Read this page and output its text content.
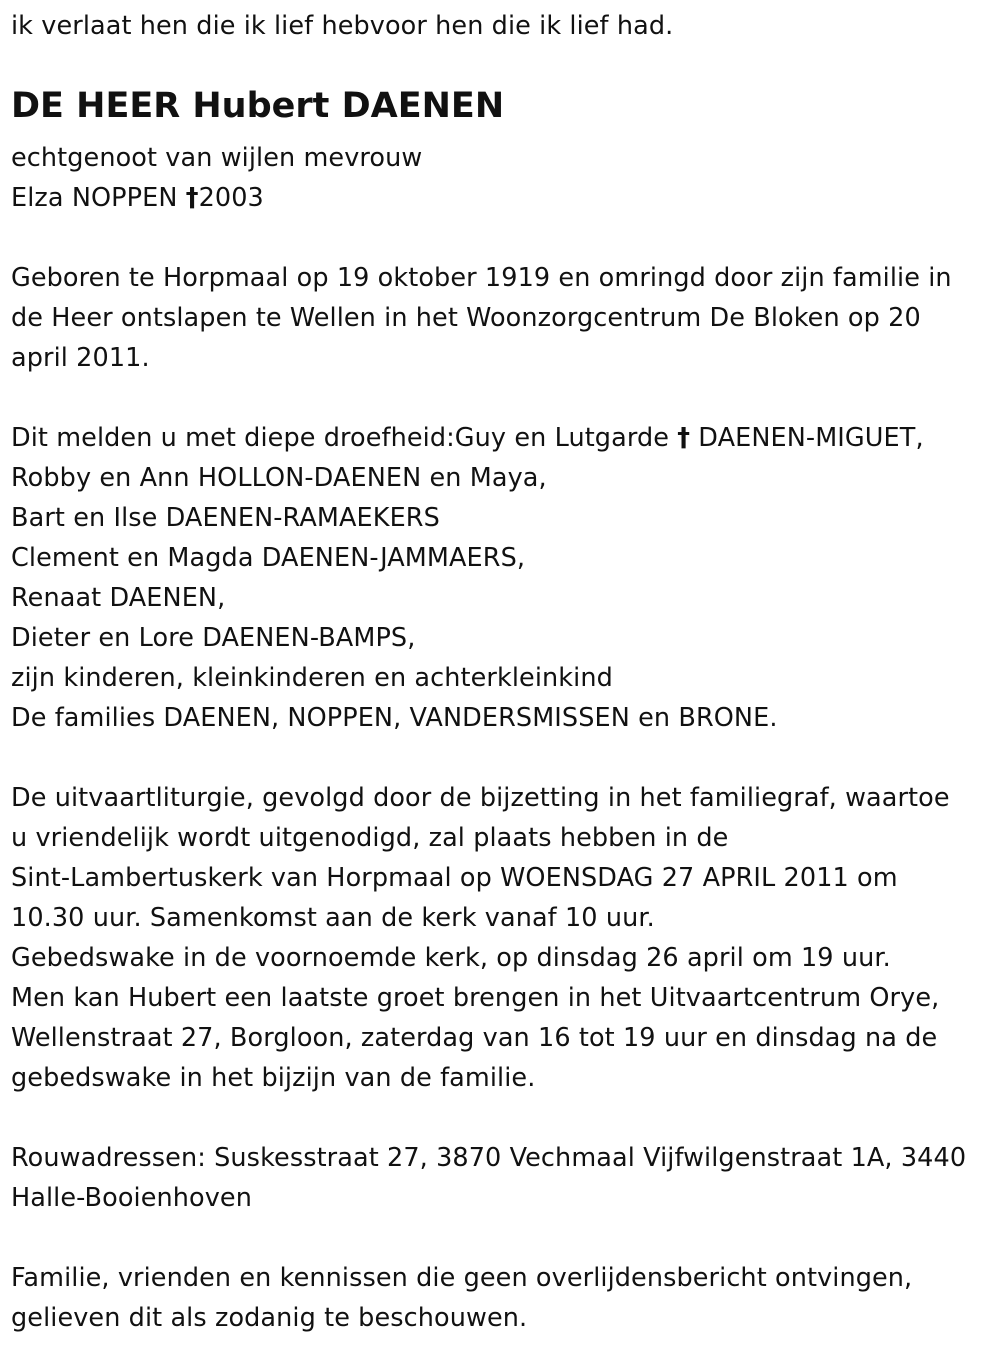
ik verlaat hen die ik lief hebvoor hen die ik lief had.
DE HEER Hubert DAENEN
echtgenoot van wijlen mevrouw
Elza NOPPEN †2003
Geboren te Horpmaal op 19 oktober 1919 en omringd door zijn familie in
de Heer ontslapen te Wellen in het Woonzorgcentrum De Bloken op 20
april 2011.
Dit melden u met diepe droefheid:Guy en Lutgarde † DAENEN-MIGUET,
Robby en Ann HOLLON-DAENEN en Maya,
Bart en Ilse DAENEN-RAMAEKERS
Clement en Magda DAENEN-JAMMAERS,
Renaat DAENEN,
Dieter en Lore DAENEN-BAMPS,
zijn kinderen, kleinkinderen en achterkleinkind
De families DAENEN, NOPPEN, VANDERSMISSEN en BRONE.
De uitvaartliturgie, gevolgd door de bijzetting in het familiegraf, waartoe
u vriendelijk wordt uitgenodigd, zal plaats hebben in de
Sint-Lambertuskerk van Horpmaal op WOENSDAG 27 APRIL 2011 om
10.30 uur. Samenkomst aan de kerk vanaf 10 uur.
Gebedswake in de voornoemde kerk, op dinsdag 26 april om 19 uur.
Men kan Hubert een laatste groet brengen in het Uitvaartcentrum Orye,
Wellenstraat 27, Borgloon, zaterdag van 16 tot 19 uur en dinsdag na de
gebedswake in het bijzijn van de familie.
Rouwadressen: Suskesstraat 27, 3870 Vechmaal Vijfwilgenstraat 1A, 3440
Halle-Booienhoven
Familie, vrienden en kennissen die geen overlijdensbericht ontvingen,
gelieven dit als zodanig te beschouwen.
